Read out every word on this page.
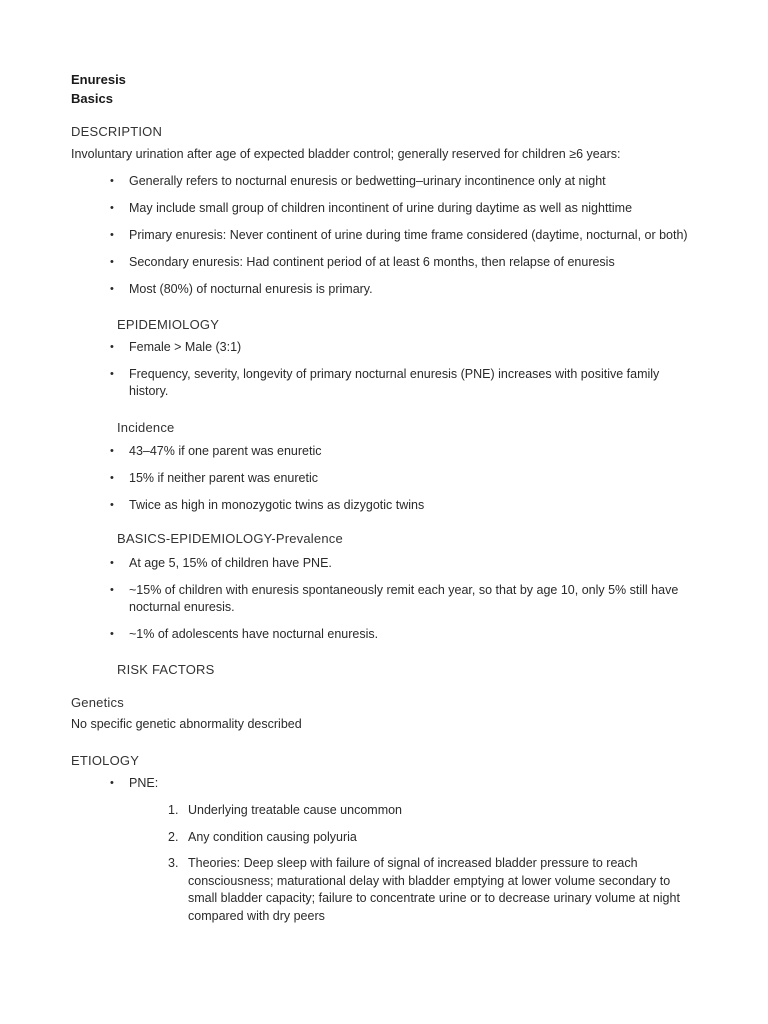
Enuresis
Basics
DESCRIPTION
Involuntary urination after age of expected bladder control; generally reserved for children ≥6 years:
• Generally refers to nocturnal enuresis or bedwetting–urinary incontinence only at night
• May include small group of children incontinent of urine during daytime as well as nighttime
• Primary enuresis: Never continent of urine during time frame considered (daytime, nocturnal, or both)
• Secondary enuresis: Had continent period of at least 6 months, then relapse of enuresis
• Most (80%) of nocturnal enuresis is primary.
EPIDEMIOLOGY
• Female > Male (3:1)
• Frequency, severity, longevity of primary nocturnal enuresis (PNE) increases with positive family history.
Incidence
• 43–47% if one parent was enuretic
• 15% if neither parent was enuretic
• Twice as high in monozygotic twins as dizygotic twins
BASICS-EPIDEMIOLOGY-Prevalence
• At age 5, 15% of children have PNE.
• ~15% of children with enuresis spontaneously remit each year, so that by age 10, only 5% still have nocturnal enuresis.
• ~1% of adolescents have nocturnal enuresis.
RISK FACTORS
Genetics
No specific genetic abnormality described
ETIOLOGY
• PNE:
1. Underlying treatable cause uncommon
2. Any condition causing polyuria
3. Theories: Deep sleep with failure of signal of increased bladder pressure to reach consciousness; maturational delay with bladder emptying at lower volume secondary to small bladder capacity; failure to concentrate urine or to decrease urinary volume at night compared with dry peers
